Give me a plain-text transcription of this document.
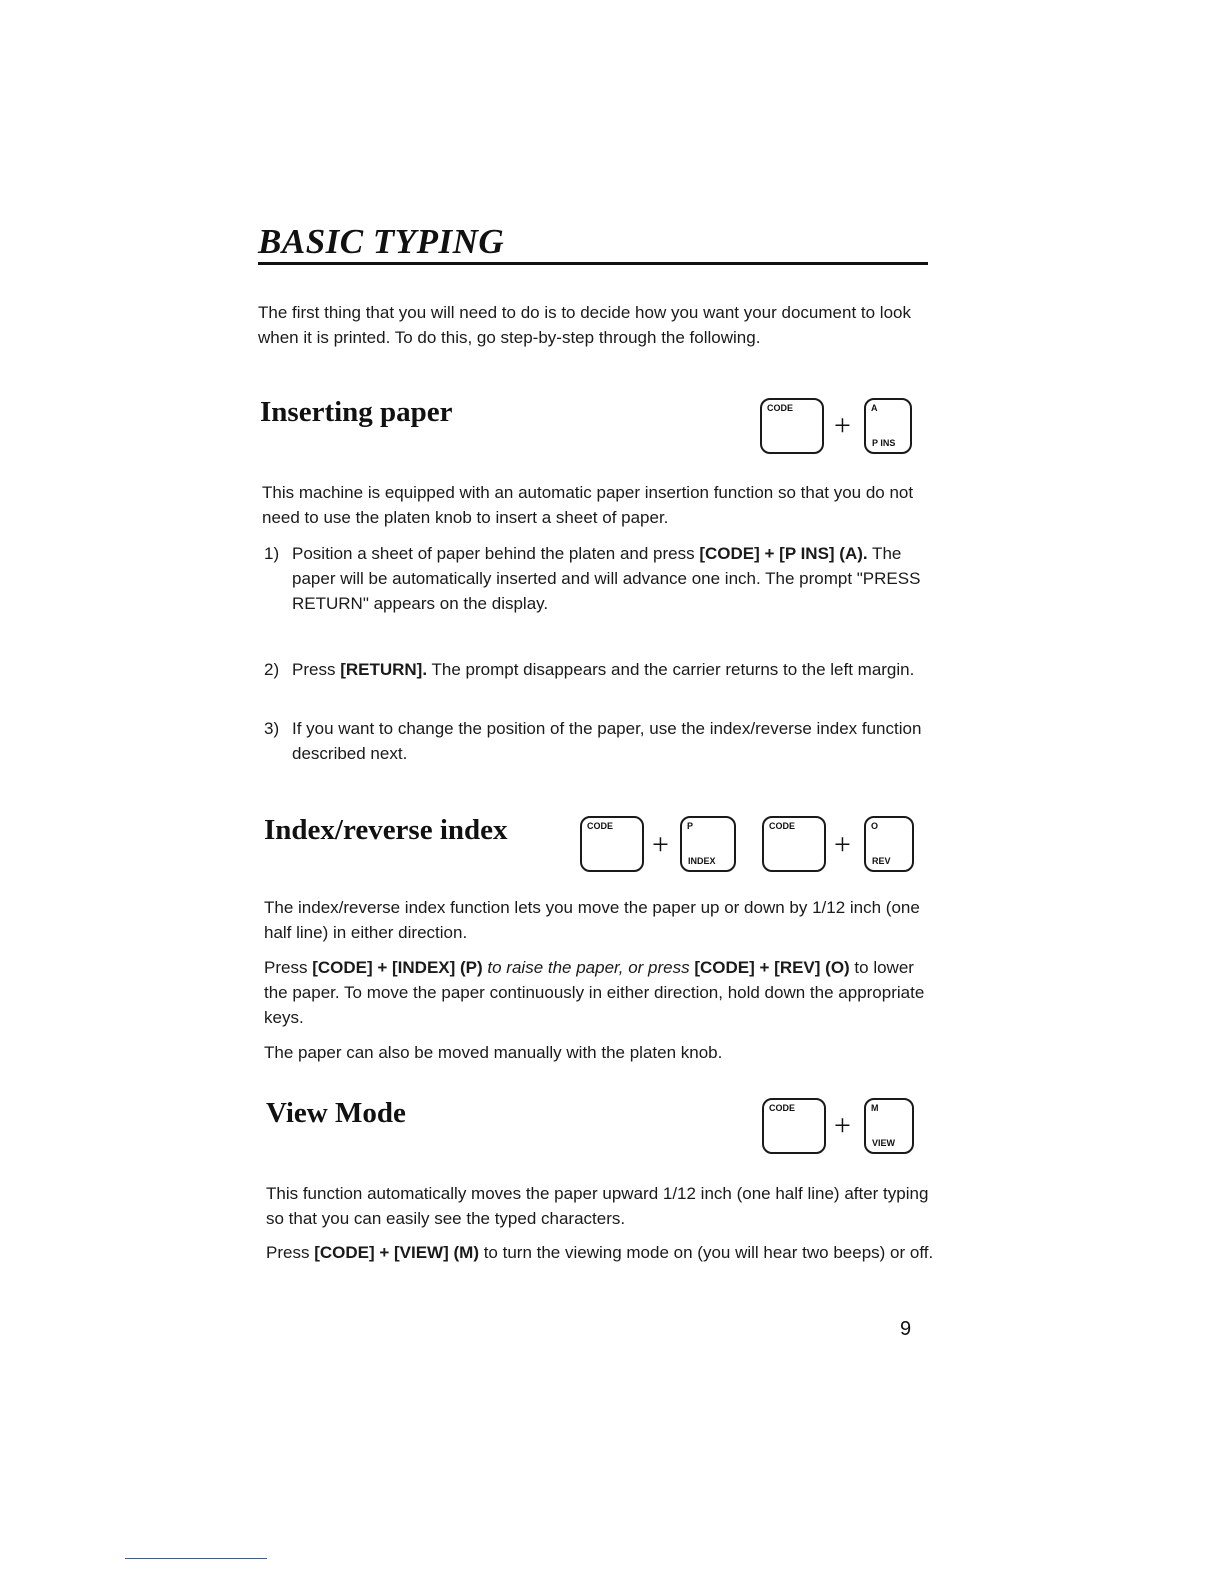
BASIC TYPING

The first thing that you will need to do is to decide how you want your document to look when it is printed. To do this, go step-by-step through the following.

Inserting paper	CODE
+
A
P INS

This machine is equipped with an automatic paper insertion function so that you do not need to use the platen knob to insert a sheet of paper.

1) Position a sheet of paper behind the platen and press [CODE] + [P INS] (A). The paper will be automatically inserted and will advance one inch. The prompt "PRESS RETURN" appears on the display.

2) Press [RETURN]. The prompt disappears and the carrier returns to the left margin.

3) If you want to change the position of the paper, use the index/reverse index function described next.

Index/reverse index	CODE
+
P
INDEX
CODE
+
O
REV

The index/reverse index function lets you move the paper up or down by 1/12 inch (one half line) in either direction.

Press [CODE] + [INDEX] (P) to raise the paper, or press [CODE] + [REV] (O) to lower the paper. To move the paper continuously in either direction, hold down the appropriate keys.

The paper can also be moved manually with the platen knob.

View Mode	CODE
+
M
VIEW

This function automatically moves the paper upward 1/12 inch (one half line) after typing so that you can easily see the typed characters.

Press [CODE] + [VIEW] (M) to turn the viewing mode on (you will hear two beeps) or off.

9
